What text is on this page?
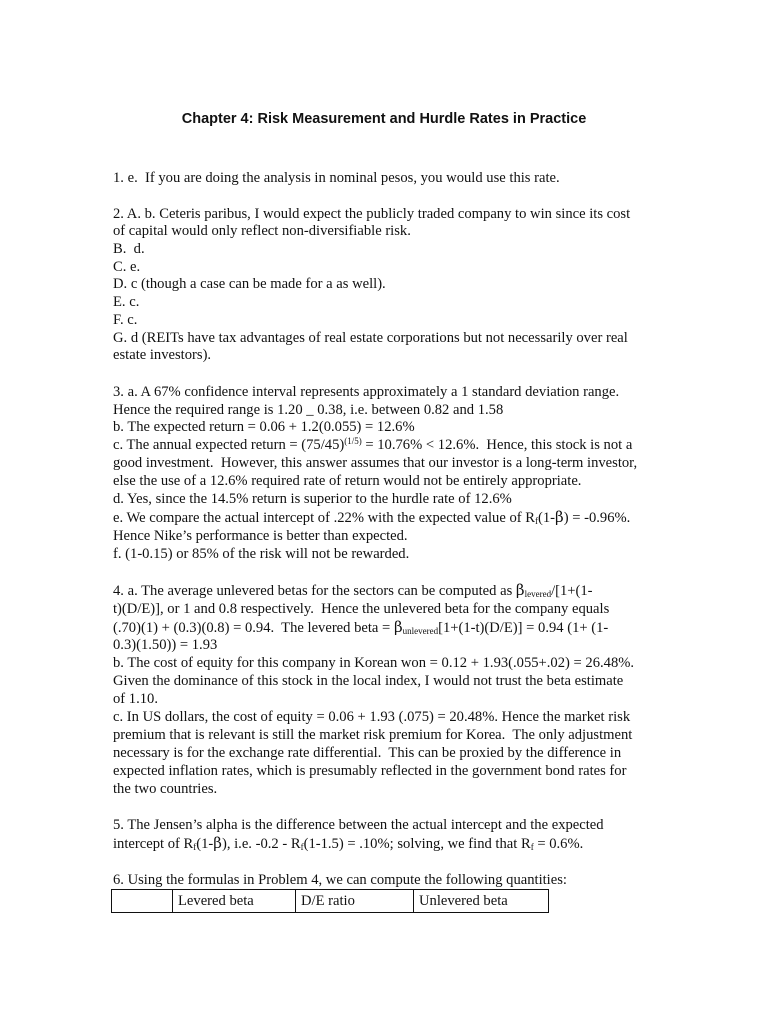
Chapter 4: Risk Measurement and Hurdle Rates in Practice

1. e.  If you are doing the analysis in nominal pesos, you would use this rate.

2. A. b. Ceteris paribus, I would expect the publicly traded company to win since its cost

of capital would only reflect non-diversifiable risk.

B.  d.

C. e.

D. c (though a case can be made for a as well).

E. c.

F. c.

G. d (REITs have tax advantages of real estate corporations but not necessarily over real

estate investors).

3. a. A 67% confidence interval represents approximately a 1 standard deviation range.

Hence the required range is 1.20 _ 0.38, i.e. between 0.82 and 1.58

b. The expected return = 0.06 + 1.2(0.055) = 12.6%

c. The annual expected return = $(75/45)^{(1/5)} = 10.76\% < 12.6\%$.  Hence, this stock is not a

good investment.  However, this answer assumes that our investor is a long-term investor,

else the use of a 12.6% required rate of return would not be entirely appropriate.

d. Yes, since the 14.5% return is superior to the hurdle rate of 12.6%

e. We compare the actual intercept of .22% with the expected value of $R_f(1-\beta) = -0.96\%$.

Hence Nike’s performance is better than expected.

f. (1-0.15) or 85% of the risk will not be rewarded.

4. a. The average unlevered betas for the sectors can be computed as $\beta_{levered}/[1+(1-$

t)(D/E)], or 1 and 0.8 respectively.  Hence the unlevered beta for the company equals

(.70)(1) + (0.3)(0.8) = 0.94.  The levered beta = $\beta_{unlevered}[1+(1-t)(D/E)] = 0.94$ (1+ (1-

0.3)(1.50)) = 1.93

b. The cost of equity for this company in Korean won = 0.12 + 1.93(.055+.02) = 26.48%.

Given the dominance of this stock in the local index, I would not trust the beta estimate

of 1.10.

c. In US dollars, the cost of equity = 0.06 + 1.93 (.075) = 20.48%. Hence the market risk

premium that is relevant is still the market risk premium for Korea.  The only adjustment

necessary is for the exchange rate differential.  This can be proxied by the difference in

expected inflation rates, which is presumably reflected in the government bond rates for

the two countries.

5. The Jensen’s alpha is the difference between the actual intercept and the expected

intercept of $R_f(1-\beta)$, i.e. $-0.2 - R_f(1-1.5) = .10\%$; solving, we find that $R_f = 0.6\%$.

6. Using the formulas in Problem 4, we can compute the following quantities:

	Levered beta	D/E ratio	Unlevered beta
